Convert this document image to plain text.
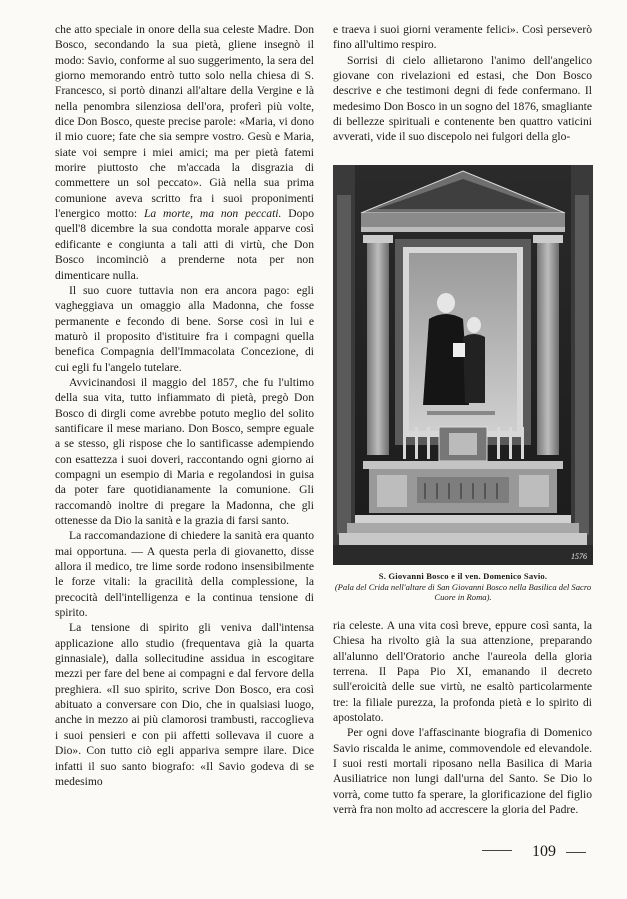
che atto speciale in onore della sua celeste Madre. Don Bosco, secondando la sua pietà, gliene insegnò il modo: Savio, conforme al suo suggerimento, la sera del giorno memorando entrò tutto solo nella chiesa di S. Francesco, si portò dinanzi all'altare della Vergine e là nella penombra silenziosa dell'ora, proferì più volte, dice Don Bosco, queste precise parole: «Maria, vi dono il mio cuore; fate che sia sempre vostro. Gesù e Maria, siate voi sempre i miei amici; ma per pietà fatemi morire piuttosto che m'accada la disgrazia di commettere un sol peccato». Già nella sua prima comunione aveva scritto fra i suoi proponimenti l'energico motto: La morte, ma non peccati. Dopo quell'8 dicembre la sua condotta morale apparve così edificante e congiunta a tali atti di virtù, che Don Bosco incominciò a prenderne nota per non dimenticare nulla.

Il suo cuore tuttavia non era ancora pago: egli vagheggiava un omaggio alla Madonna, che fosse permanente e fecondo di bene. Sorse così in lui e maturò il proposito d'istituire fra i compagni quella benefica Compagnia dell'Immacolata Concezione, di cui egli fu l'angelo tutelare.

Avvicinandosi il maggio del 1857, che fu l'ultimo della sua vita, tutto infiammato di pietà, pregò Don Bosco di dirgli come avrebbe potuto meglio del solito santificare il mese mariano. Don Bosco, sempre eguale a se stesso, gli rispose che lo santificasse adempiendo con esattezza i suoi doveri, raccontando ogni giorno ai compagni un esempio di Maria e regolandosi in guisa da poter fare quotidianamente la comunione. Gli raccomandò inoltre di pregare la Madonna, che gli ottenesse da Dio la sanità e la grazia di farsi santo.

La raccomandazione di chiedere la sanità era quanto mai opportuna. — A questa perla di giovanetto, disse allora il medico, tre lime sorde rodono insensibilmente le forze vitali: la gracilità della complessione, la precocità dell'intelligenza e la continua tensione di spirito.

La tensione di spirito gli veniva dall'intensa applicazione allo studio (frequentava già la quarta ginnasiale), dalla sollecitudine assidua in escogitare mezzi per fare del bene ai compagni e dal fervore della preghiera. «Il suo spirito, scrive Don Bosco, era così abituato a conversare con Dio, che in qualsiasi luogo, anche in mezzo ai più clamorosi trambusti, raccoglieva i suoi pensieri e con pii affetti sollevava il cuore a Dio». Con tutto ciò egli appariva sempre ilare. Dice infatti il suo santo biografo: «Il Savio godeva di se medesimo

e traeva i suoi giorni veramente felici». Così perseverò fino all'ultimo respiro.

Sorrisi di cielo allietarono l'animo dell'angelico giovane con rivelazioni ed estasi, che Don Bosco descrive e che testimoni degni di fede confermano. Il medesimo Don Bosco in un sogno del 1876, smagliante di bellezze spirituali e contenente ben quattro vaticini avverati, vide il suo discepolo nei fulgori della glo-

1576
S. Giovanni Bosco e il ven. Domenico Savio.
(Pala del Crida nell'altare di San Giovanni Bosco nella Basilica del Sacro Cuore in Roma).

ria celeste. A una vita così breve, eppure così santa, la Chiesa ha rivolto già la sua attenzione, preparando all'alunno dell'Oratorio anche l'aureola della gloria terrena. Il Papa Pio XI, emanando il decreto sull'eroicità delle sue virtù, ne esaltò particolarmente tre: la filiale purezza, la profonda pietà e lo spirito di apostolato.

Per ogni dove l'affascinante biografia di Domenico Savio riscalda le anime, commovendole ed elevandole. I suoi resti mortali riposano nella Basilica di Maria Ausiliatrice non lungi dall'urna del Santo. Se Dio lo vorrà, come tutto fa sperare, la glorificazione del figlio verrà fra non molto ad accrescere la gloria del Padre.

109
